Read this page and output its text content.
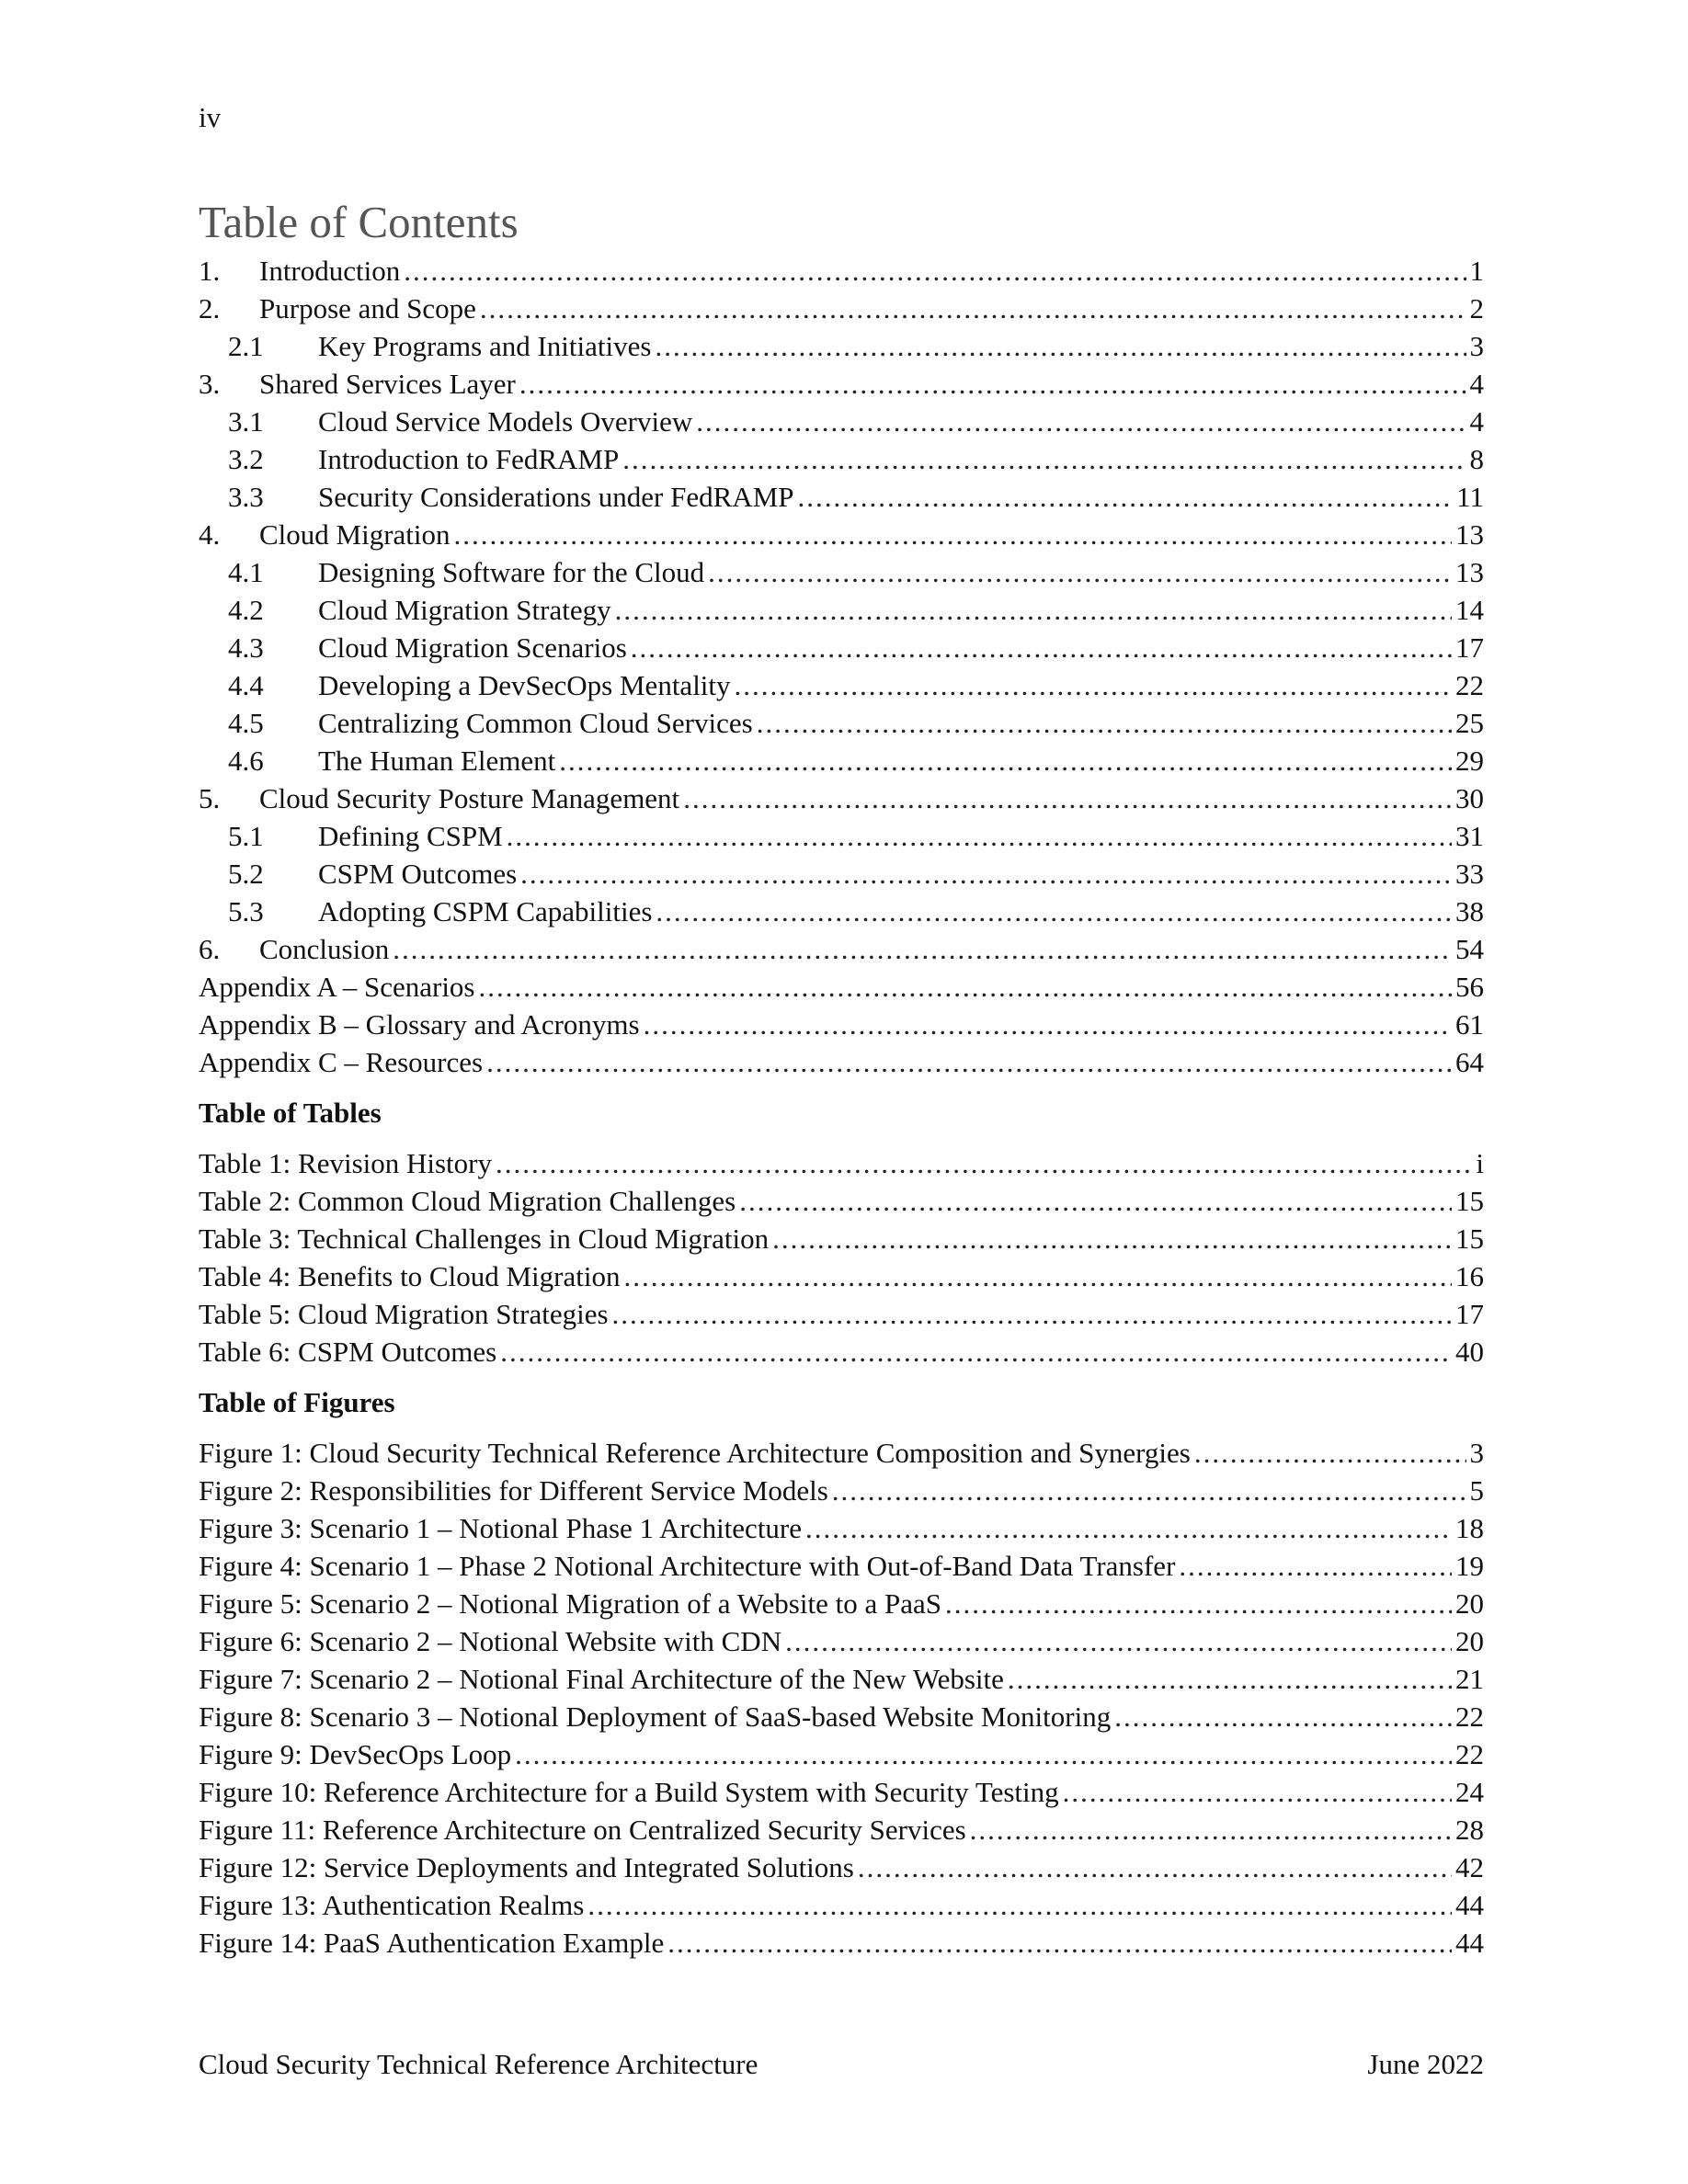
iv
Table of Contents
1.	Introduction .....	1
2.	Purpose and Scope .....	2
2.1	Key Programs and Initiatives .....	3
3.	Shared Services Layer .....	4
3.1	Cloud Service Models Overview .....	4
3.2	Introduction to FedRAMP .....	8
3.3	Security Considerations under FedRAMP .....	11
4.	Cloud Migration .....	13
4.1	Designing Software for the Cloud .....	13
4.2	Cloud Migration Strategy .....	14
4.3	Cloud Migration Scenarios .....	17
4.4	Developing a DevSecOps Mentality .....	22
4.5	Centralizing Common Cloud Services .....	25
4.6	The Human Element .....	29
5.	Cloud Security Posture Management .....	30
5.1	Defining CSPM .....	31
5.2	CSPM Outcomes .....	33
5.3	Adopting CSPM Capabilities .....	38
6.	Conclusion .....	54
Appendix A – Scenarios .....	56
Appendix B – Glossary and Acronyms .....	61
Appendix C – Resources .....	64
Table of Tables
Table 1: Revision History .....	i
Table 2: Common Cloud Migration Challenges .....	15
Table 3: Technical Challenges in Cloud Migration .....	15
Table 4: Benefits to Cloud Migration .....	16
Table 5: Cloud Migration Strategies .....	17
Table 6: CSPM Outcomes .....	40
Table of Figures
Figure 1: Cloud Security Technical Reference Architecture Composition and Synergies .....	3
Figure 2: Responsibilities for Different Service Models .....	5
Figure 3: Scenario 1 – Notional Phase 1 Architecture .....	18
Figure 4: Scenario 1 – Phase 2 Notional Architecture with Out-of-Band Data Transfer .....	19
Figure 5: Scenario 2 – Notional Migration of a Website to a PaaS .....	20
Figure 6: Scenario 2 – Notional Website with CDN .....	20
Figure 7: Scenario 2 – Notional Final Architecture of the New Website .....	21
Figure 8: Scenario 3 – Notional Deployment of SaaS-based Website Monitoring .....	22
Figure 9: DevSecOps Loop .....	22
Figure 10: Reference Architecture for a Build System with Security Testing .....	24
Figure 11: Reference Architecture on Centralized Security Services .....	28
Figure 12: Service Deployments and Integrated Solutions .....	42
Figure 13: Authentication Realms .....	44
Figure 14: PaaS Authentication Example .....	44
Cloud Security Technical Reference Architecture	June 2022
